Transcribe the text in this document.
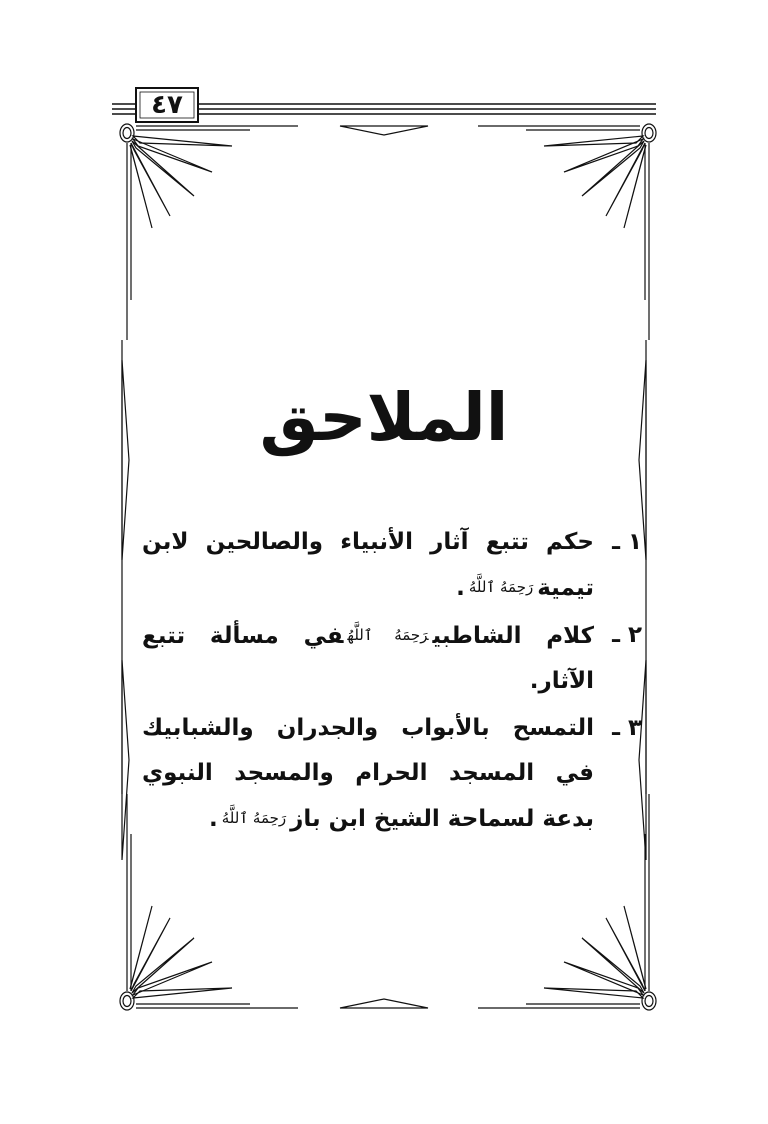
٤٧
الملاحق
١ ـ
حكم تتبع آثار الأنبياء والصالحين لابن تيميةرَحِمَهُ ٱللَّهُ.
٢ ـ
كلام الشاطبيرَحِمَهُ ٱللَّهُفي مسألة تتبع الآثار.
٣ ـ
التمسح بالأبواب والجدران والشبابيك في المسجد الحرام والمسجد النبوي بدعة لسماحة الشيخ ابن بازرَحِمَهُ ٱللَّهُ.
